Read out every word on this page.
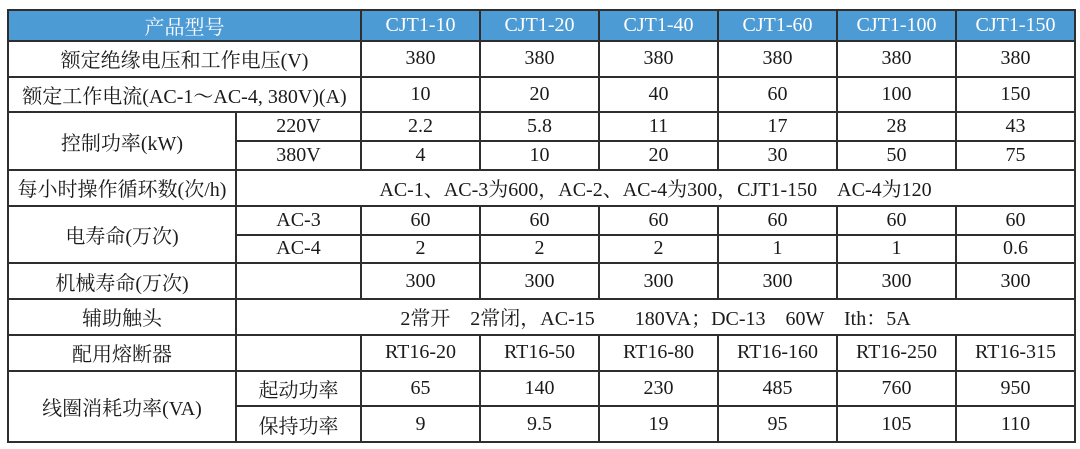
产品型号		CJT1-10	CJT1-20	CJT1-40	CJT1-60	CJT1-100	CJT1-150
额定绝缘电压和工作电压(V)		380	380	380	380	380	380
额定工作电流(AC-1～AC-4, 380V)(A)		10	20	40	60	100	150
控制功率(kW)	220V	2.2	5.8	11	17	28	43
	380V	4	10	20	30	50	75
每小时操作循环数(次/h)	AC-1、AC-3为600，AC-2、AC-4为300，CJT1-150　AC-4为120						
电寿命(万次)	AC-3	60	60	60	60	60	60
	AC-4	2	2	2	1	1	0.6
机械寿命(万次)		300	300	300	300	300	300
辅助触头	2常开　2常闭，AC-15　　180VA；DC-13　60W　Ith：5A						
配用熔断器		RT16-20	RT16-50	RT16-80	RT16-160	RT16-250	RT16-315
线圈消耗功率(VA)	起动功率	65	140	230	485	760	950
	保持功率	9	9.5	19	95	105	110
